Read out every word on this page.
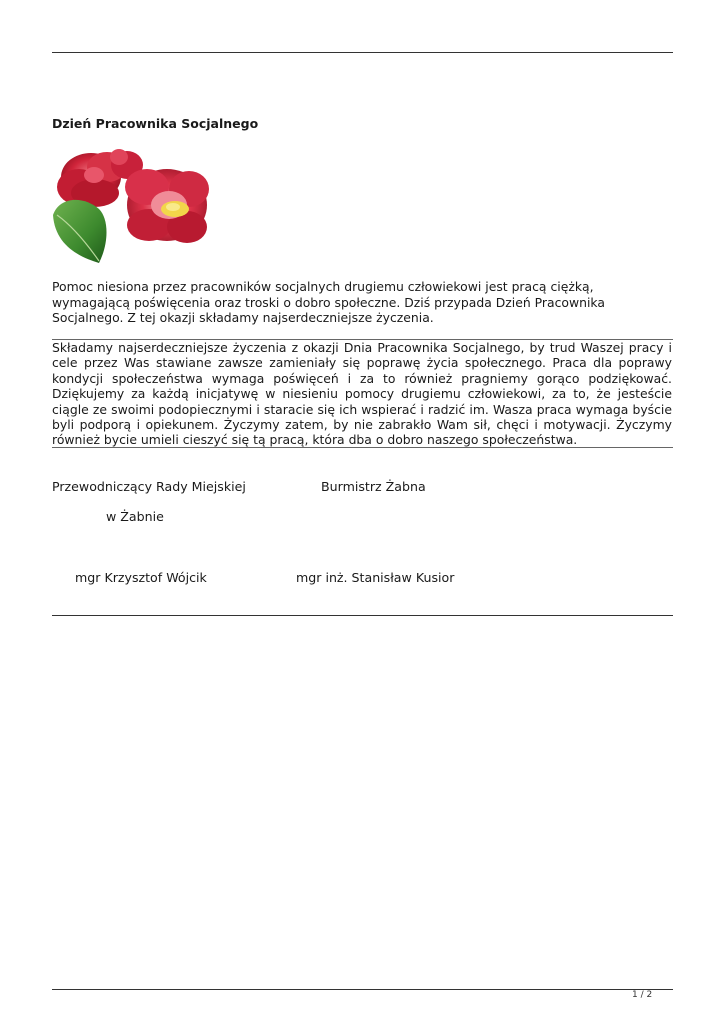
Dzień Pracownika Socjalnego

Pomoc niesiona przez pracowników socjalnych drugiemu człowiekowi jest pracą ciężką, wymagającą poświęcenia oraz troski o dobro społeczne. Dziś przypada Dzień Pracownika Socjalnego. Z tej okazji składamy najserdeczniejsze życzenia.

Składamy najserdeczniejsze życzenia z okazji Dnia Pracownika Socjalnego, by trud Waszej pracy i cele przez Was stawiane zawsze zamieniały się poprawę życia społecznego. Praca dla poprawy kondycji społeczeństwa wymaga poświęceń i za to również pragniemy gorąco podziękować. Dziękujemy za każdą inicjatywę w niesieniu pomocy drugiemu człowiekowi, za to, że jesteście ciągle ze swoimi podopiecznymi i staracie się ich wspierać i radzić im. Wasza praca wymaga byście byli podporą i opiekunem. Życzymy zatem, by nie zabrakło Wam sił, chęci i motywacji. Życzymy również bycie umieli cieszyć się tą pracą, która dba o dobro naszego społeczeństwa.

Przewodniczący Rady Miejskiej	Burmistrz Żabna
w Żabnie
mgr Krzysztof Wójcik	mgr inż. Stanisław Kusior
1 / 2
